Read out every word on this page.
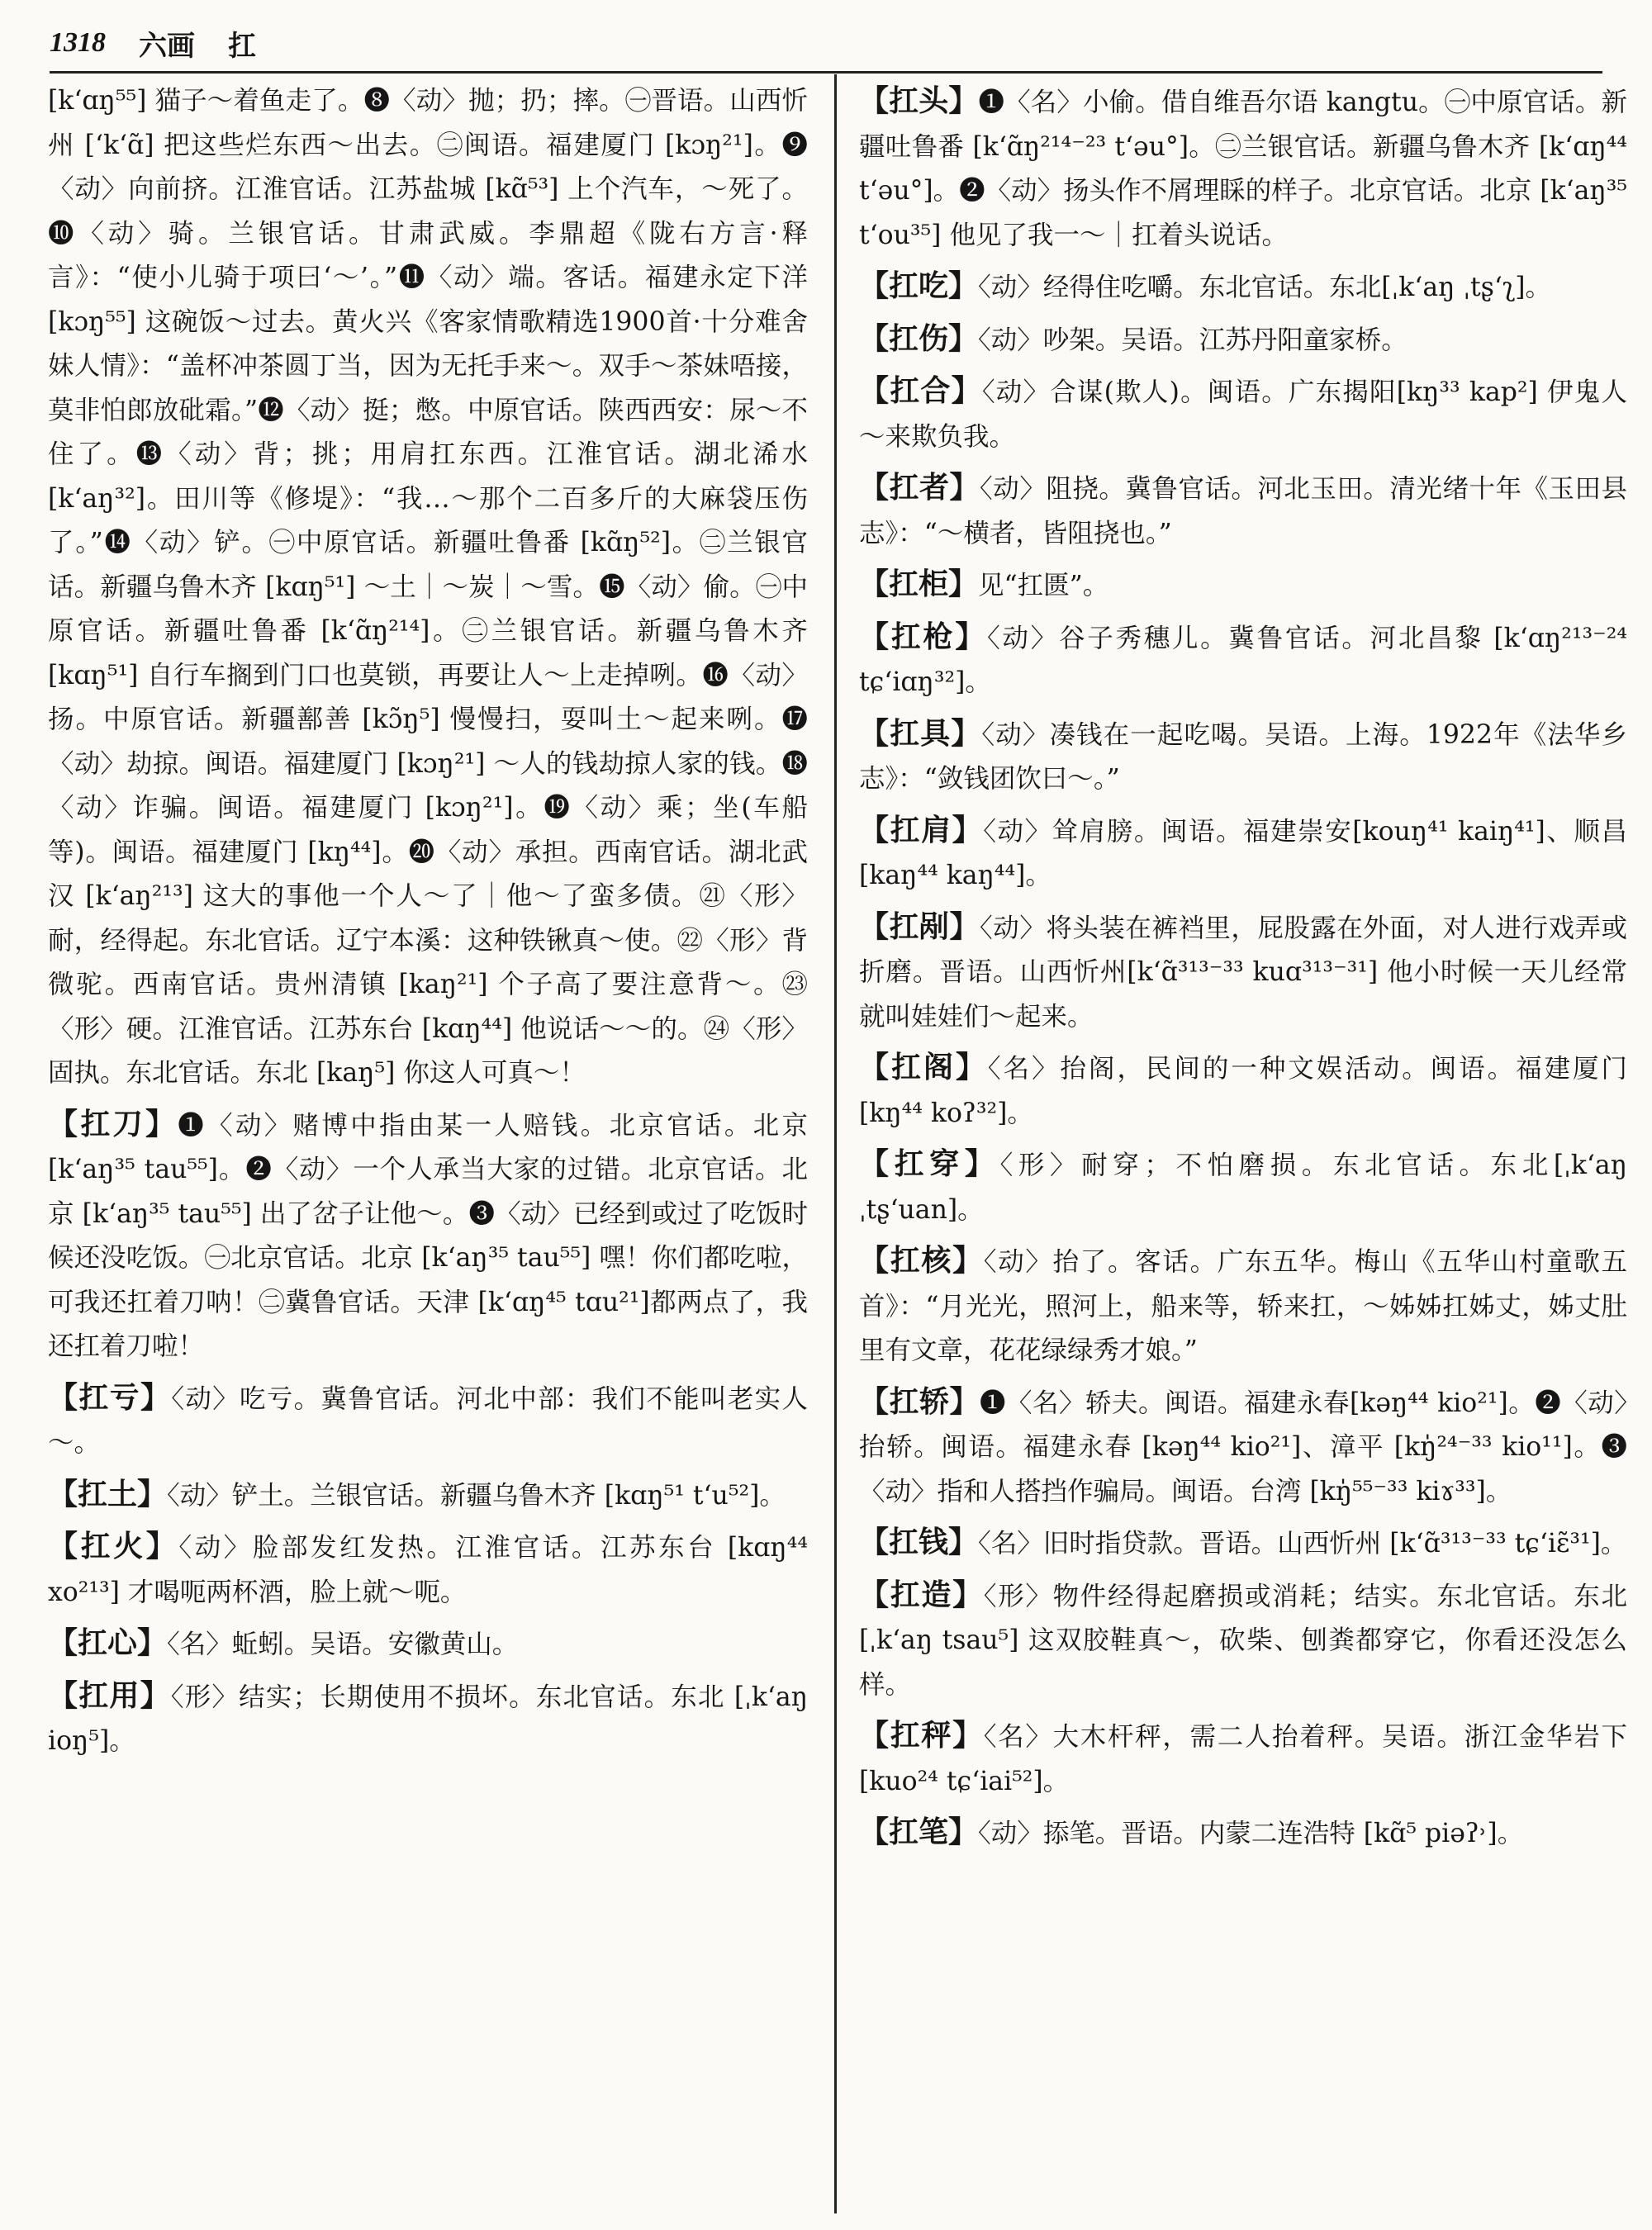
1318 六画 扛

[kʻɑŋ⁵⁵] 猫子～着鱼走了。❽〈动〉抛；扔；摔。㊀晋语。山西忻州 [ʻkʻɑ̃] 把这些烂东西～出去。㊁闽语。福建厦门 [kɔŋ²¹]。❾〈动〉向前挤。江淮官话。江苏盐城 [kɑ̃⁵³] 上个汽车，～死了。❿〈动〉骑。兰银官话。甘肃武威。李鼎超《陇右方言·释言》：“使小儿骑于项曰‘～’。”⓫〈动〉端。客话。福建永定下洋 [kɔŋ⁵⁵] 这碗饭～过去。黄火兴《客家情歌精选1900首·十分难舍妹人情》：“盖杯冲茶圆丁当，因为无托手来～。双手～茶妹唔接，莫非怕郎放砒霜。”⓬〈动〉挺；憋。中原官话。陕西西安：尿～不住了。⓭〈动〉背；挑；用肩扛东西。江淮官话。湖北浠水 [kʻaŋ³²]。田川等《修堤》：“我…～那个二百多斤的大麻袋压伤了。”⓮〈动〉铲。㊀中原官话。新疆吐鲁番 [kɑ̃ŋ⁵²]。㊁兰银官话。新疆乌鲁木齐 [kɑŋ⁵¹] ～土｜～炭｜～雪。⓯〈动〉偷。㊀中原官话。新疆吐鲁番 [kʻɑ̃ŋ²¹⁴]。㊁兰银官话。新疆乌鲁木齐 [kɑŋ⁵¹] 自行车搁到门口也莫锁，再要让人～上走掉咧。⓰〈动〉扬。中原官话。新疆鄯善 [kɔ̃ŋ⁵] 慢慢扫，耍叫土～起来咧。⓱〈动〉劫掠。闽语。福建厦门 [kɔŋ²¹] ～人的钱劫掠人家的钱。⓲〈动〉诈骗。闽语。福建厦门 [kɔŋ²¹]。⓳〈动〉乘；坐(车船等)。闽语。福建厦门 [kŋ⁴⁴]。⓴〈动〉承担。西南官话。湖北武汉 [kʻaŋ²¹³] 这大的事他一个人～了｜他～了蛮多债。㉑〈形〉耐，经得起。东北官话。辽宁本溪：这种铁锹真～使。㉒〈形〉背微驼。西南官话。贵州清镇 [kaŋ²¹] 个子高了要注意背～。㉓〈形〉硬。江淮官话。江苏东台 [kɑŋ⁴⁴] 他说话～～的。㉔〈形〉固执。东北官话。东北 [kaŋ⁵] 你这人可真～！

【扛刀】❶〈动〉赌博中指由某一人赔钱。北京官话。北京 [kʻaŋ³⁵ tau⁵⁵]。❷〈动〉一个人承当大家的过错。北京官话。北京 [kʻaŋ³⁵ tau⁵⁵] 出了岔子让他～。❸〈动〉已经到或过了吃饭时候还没吃饭。㊀北京官话。北京 [kʻaŋ³⁵ tau⁵⁵] 嘿！你们都吃啦，可我还扛着刀呐！㊁冀鲁官话。天津 [kʻɑŋ⁴⁵ tɑu²¹]都两点了，我还扛着刀啦！

【扛亏】〈动〉吃亏。冀鲁官话。河北中部：我们不能叫老实人～。

【扛土】〈动〉铲土。兰银官话。新疆乌鲁木齐 [kɑŋ⁵¹ tʻu⁵²]。

【扛火】〈动〉脸部发红发热。江淮官话。江苏东台 [kɑŋ⁴⁴ xo²¹³] 才喝呃两杯酒，脸上就～呃。

【扛心】〈名〉蚯蚓。吴语。安徽黄山。

【扛用】〈形〉结实；长期使用不损坏。东北官话。东北 [ˌkʻaŋ ioŋ⁵]。

【扛头】❶〈名〉小偷。借自维吾尔语 kangtu。㊀中原官话。新疆吐鲁番 [kʻɑ̃ŋ²¹⁴⁻²³ tʻəu°]。㊁兰银官话。新疆乌鲁木齐 [kʻɑŋ⁴⁴ tʻəu°]。❷〈动〉扬头作不屑理睬的样子。北京官话。北京 [kʻaŋ³⁵ tʻou³⁵] 他见了我一～｜扛着头说话。

【扛吃】〈动〉经得住吃嚼。东北官话。东北[ˌkʻaŋ ˌtʂʻʅ]。

【扛伤】〈动〉吵架。吴语。江苏丹阳童家桥。

【扛合】〈动〉合谋(欺人)。闽语。广东揭阳[kŋ³³ kap²] 伊鬼人～来欺负我。

【扛者】〈动〉阻挠。冀鲁官话。河北玉田。清光绪十年《玉田县志》：“～横者，皆阻挠也。”

【扛柜】见“扛匮”。

【扛枪】〈动〉谷子秀穗儿。冀鲁官话。河北昌黎 [kʻɑŋ²¹³⁻²⁴ tɕʻiɑŋ³²]。

【扛具】〈动〉凑钱在一起吃喝。吴语。上海。1922年《法华乡志》：“敛钱团饮曰～。”

【扛肩】〈动〉耸肩膀。闽语。福建崇安[kouŋ⁴¹ kaiŋ⁴¹]、顺昌 [kaŋ⁴⁴ kaŋ⁴⁴]。

【扛剐】〈动〉将头装在裤裆里，屁股露在外面，对人进行戏弄或折磨。晋语。山西忻州[kʻɑ̃³¹³⁻³³ kuɑ³¹³⁻³¹] 他小时候一天儿经常就叫娃娃们～起来。

【扛阁】〈名〉抬阁，民间的一种文娱活动。闽语。福建厦门 [kŋ⁴⁴ koʔ³²]。

【扛穿】〈形〉耐穿；不怕磨损。东北官话。东北[ˌkʻaŋ ˌtʂʻuan]。

【扛核】〈动〉抬了。客话。广东五华。梅山《五华山村童歌五首》：“月光光，照河上，船来等，轿来扛，～姊姊扛姊丈，姊丈肚里有文章，花花绿绿秀才娘。”

【扛轿】❶〈名〉轿夫。闽语。福建永春[kəŋ⁴⁴ kio²¹]。❷〈动〉抬轿。闽语。福建永春 [kəŋ⁴⁴ kio²¹]、漳平 [kŋ̍²⁴⁻³³ kio¹¹]。❸〈动〉指和人搭挡作骗局。闽语。台湾 [kŋ̍⁵⁵⁻³³ kiɤ³³]。

【扛钱】〈名〉旧时指贷款。晋语。山西忻州 [kʻɑ̃³¹³⁻³³ tɕʻiɛ̃³¹]。

【扛造】〈形〉物件经得起磨损或消耗；结实。东北官话。东北 [ˌkʻaŋ tsau⁵] 这双胶鞋真～，砍柴、刨粪都穿它，你看还没怎么样。

【扛秤】〈名〉大木杆秤，需二人抬着秤。吴语。浙江金华岩下 [kuo²⁴ tɕʻiai⁵²]。

【扛笔】〈动〉掭笔。晋语。内蒙二连浩特 [kɑ̃⁵ piəʔ˒]。
